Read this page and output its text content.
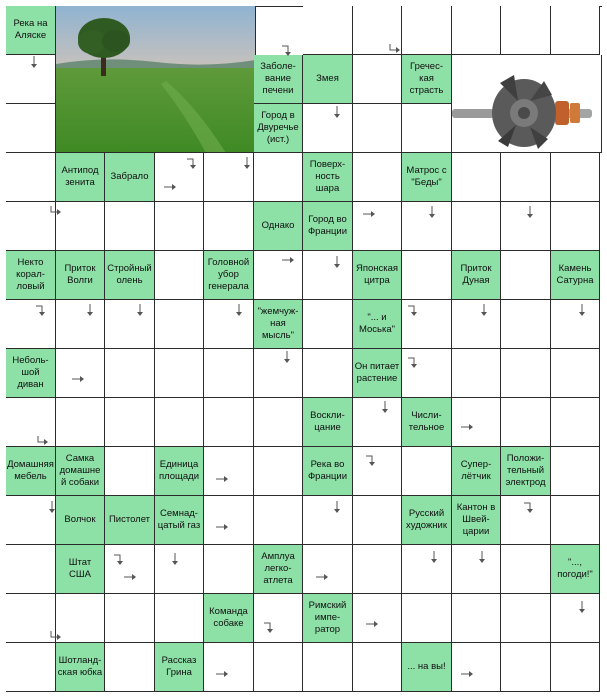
Река на Аляске
Заболе-вание печени
Змея
Гречес-кая страсть
Город в Двуречье (ист.)
Антипод зенита
Забрало
Поверх-ность шара
Матрос с "Беды"
Однако
Город во Франции
Некто корал-ловый
Приток Волги
Стройный олень
Головной убор генерала
Японская цитра
Приток Дуная
Камень Сатурна
"жемчуж-ная мысль"
"... и Моська"
Неболь-шой диван
Он питает растение
Воскли-цание
Числи-тельное
Домашняя мебель
Самка домашней собаки
Единица площади
Река во Франции
Супер-лётчик
Положи-тельный электрод
Волчок	Пистолет
Семнад-цатый газ
Русский художник
Кантон в Швей-царии
Штат США
Амплуа легко-атлета
"..., погоди!"
Команда собаке
Римский импе-ратор
Шотланд-ская юбка
Рассказ Грина
... на вы!
